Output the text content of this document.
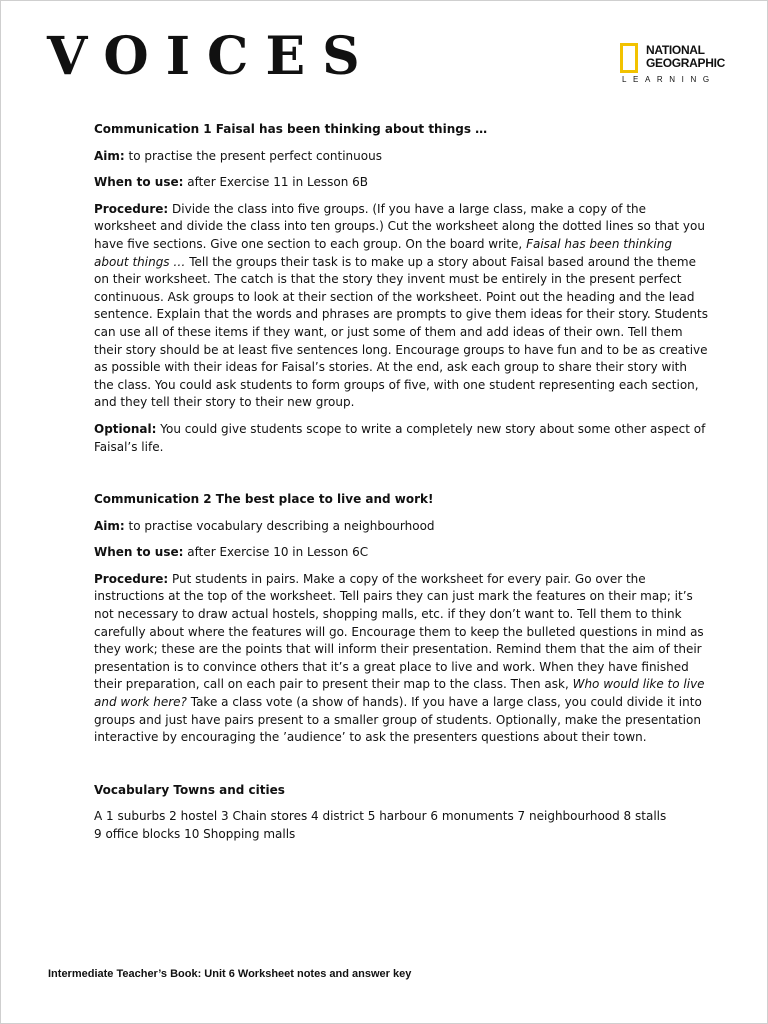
VOICES	NATIONAL
GEOGRAPHIC
LEARNING

Communication 1 Faisal has been thinking about things …

Aim: to practise the present perfect continuous

When to use: after Exercise 11 in Lesson 6B

Procedure: Divide the class into five groups. (If you have a large class, make a copy of the worksheet and divide the class into ten groups.) Cut the worksheet along the dotted lines so that you have five sections. Give one section to each group. On the board write, Faisal has been thinking about things … Tell the groups their task is to make up a story about Faisal based around the theme on their worksheet. The catch is that the story they invent must be entirely in the present perfect continuous. Ask groups to look at their section of the worksheet. Point out the heading and the lead sentence. Explain that the words and phrases are prompts to give them ideas for their story. Students can use all of these items if they want, or just some of them and add ideas of their own. Tell them their story should be at least five sentences long. Encourage groups to have fun and to be as creative as possible with their ideas for Faisal’s stories. At the end, ask each group to share their story with the class. You could ask students to form groups of five, with one student representing each section, and they tell their story to their new group.

Optional: You could give students scope to write a completely new story about some other aspect of Faisal’s life.

Communication 2 The best place to live and work!

Aim: to practise vocabulary describing a neighbourhood

When to use: after Exercise 10 in Lesson 6C

Procedure: Put students in pairs. Make a copy of the worksheet for every pair. Go over the instructions at the top of the worksheet. Tell pairs they can just mark the features on their map; it’s not necessary to draw actual hostels, shopping malls, etc. if they don’t want to. Tell them to think carefully about where the features will go. Encourage them to keep the bulleted questions in mind as they work; these are the points that will inform their presentation. Remind them that the aim of their presentation is to convince others that it’s a great place to live and work. When they have finished their preparation, call on each pair to present their map to the class. Then ask, Who would like to live and work here? Take a class vote (a show of hands). If you have a large class, you could divide it into groups and just have pairs present to a smaller group of students. Optionally, make the presentation interactive by encouraging the ’audience’ to ask the presenters questions about their town.

Vocabulary Towns and cities

A 1 suburbs 2 hostel 3 Chain stores 4 district 5 harbour 6 monuments 7 neighbourhood 8 stalls
9 office blocks 10 Shopping malls

Intermediate Teacher’s Book: Unit 6 Worksheet notes and answer key
